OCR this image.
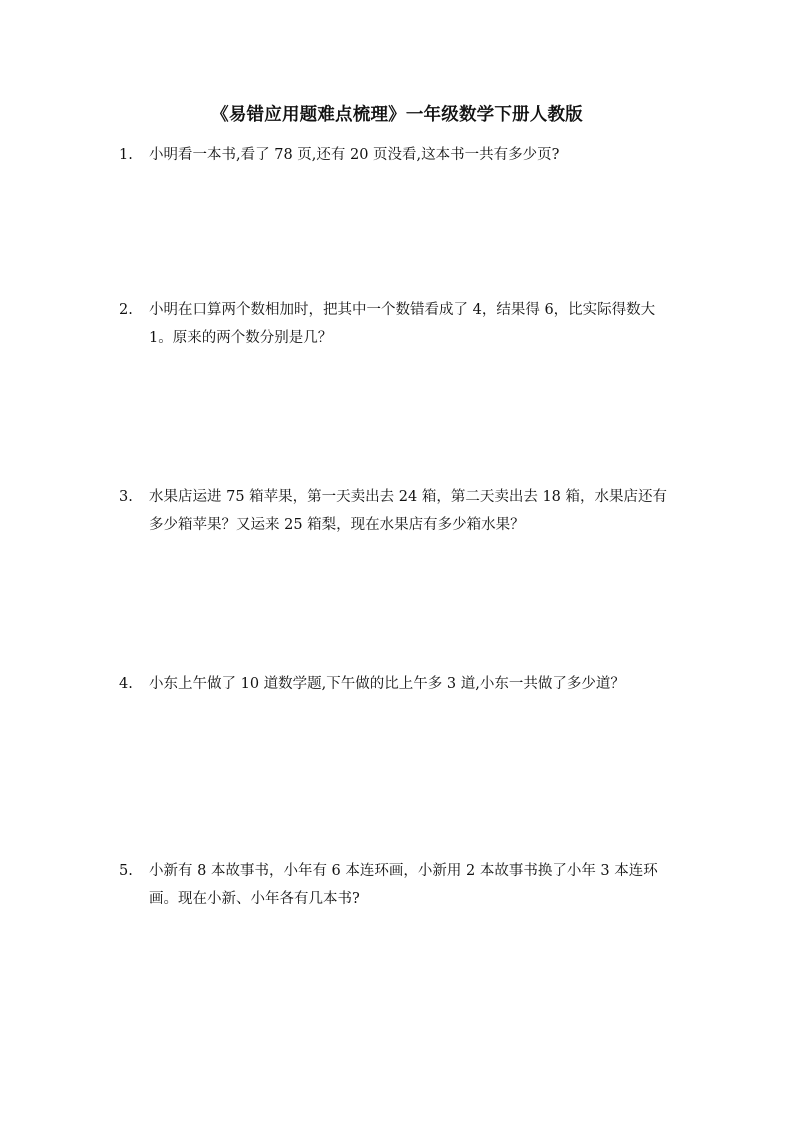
《易错应用题难点梳理》一年级数学下册人教版
1.	小明看一本书,看了 78 页,还有 20 页没看,这本书一共有多少页?
2.	小明在口算两个数相加时，把其中一个数错看成了 4，结果得 6，比实际得数大 1。原来的两个数分别是几？
3.	水果店运进 75 箱苹果，第一天卖出去 24 箱，第二天卖出去 18 箱，水果店还有多少箱苹果？又运来 25 箱梨，现在水果店有多少箱水果？
4.	小东上午做了 10 道数学题,下午做的比上午多 3 道,小东一共做了多少道？
5.	小新有 8 本故事书，小年有 6 本连环画，小新用 2 本故事书换了小年 3 本连环画。现在小新、小年各有几本书?
